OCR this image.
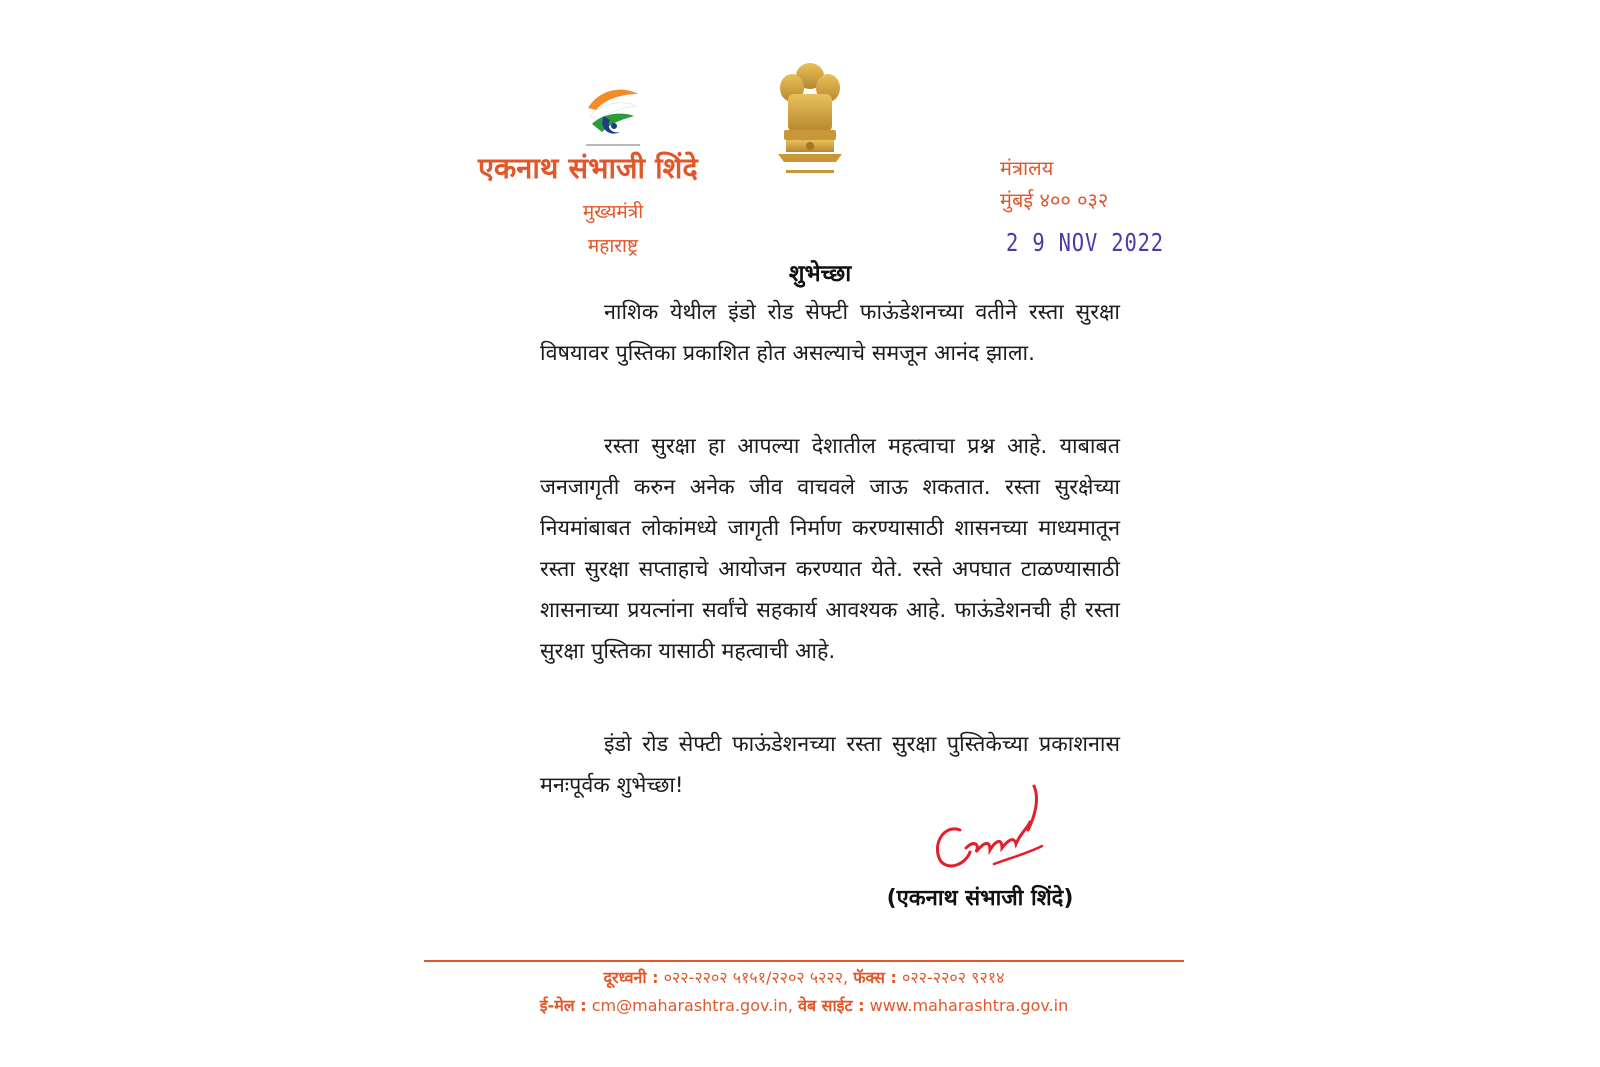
एकनाथ संभाजी शिंदे
मुख्यमंत्री
महाराष्ट्र
मंत्रालय
मुंबई ४०० ०३२
2 9 NOV 2022
शुभेच्छा

नाशिक येथील इंडो रोड सेफ्टी फाऊंडेशनच्या वतीने रस्ता सुरक्षा विषयावर पुस्तिका प्रकाशित होत असल्याचे समजून आनंद झाला.

रस्ता सुरक्षा हा आपल्या देशातील महत्वाचा प्रश्न आहे. याबाबत जनजागृती करुन अनेक जीव वाचवले जाऊ शकतात. रस्ता सुरक्षेच्या नियमांबाबत लोकांमध्ये जागृती निर्माण करण्यासाठी शासनच्या माध्यमातून रस्ता सुरक्षा सप्ताहाचे आयोजन करण्यात येते. रस्ते अपघात टाळण्यासाठी शासनाच्या प्रयत्नांना सर्वांचे सहकार्य आवश्यक आहे. फाऊंडेशनची ही रस्ता सुरक्षा पुस्तिका यासाठी महत्वाची आहे.

इंडो रोड सेफ्टी फाऊंडेशनच्या रस्ता सुरक्षा पुस्तिकेच्या प्रकाशनास मनःपूर्वक शुभेच्छा!

(एकनाथ संभाजी शिंदे)
दूरध्वनी : ०२२-२२०२ ५१५१/२२०२ ५२२२, फॅक्स : ०२२-२२०२ ९२१४
ई-मेल : cm@maharashtra.gov.in, वेब साईट : www.maharashtra.gov.in
